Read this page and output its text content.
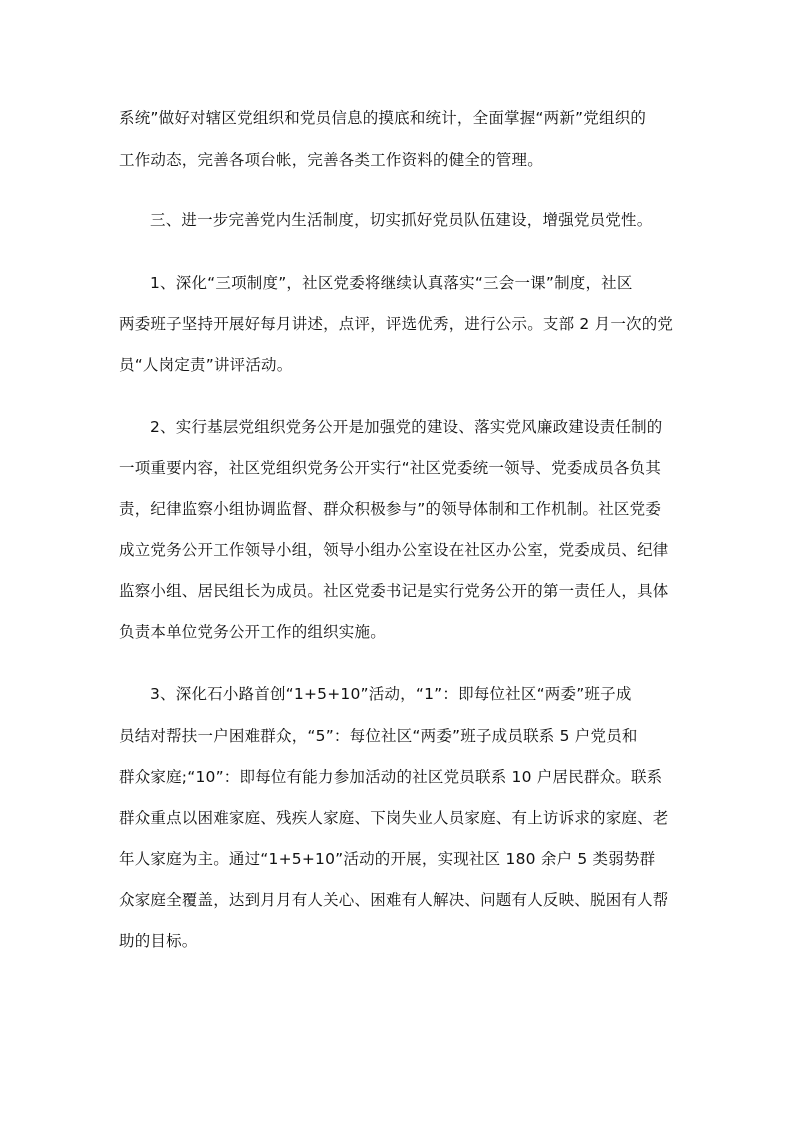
系统”做好对辖区党组织和党员信息的摸底和统计，全面掌握“两新”党组织的
工作动态，完善各项台帐，完善各类工作资料的健全的管理。
三、进一步完善党内生活制度，切实抓好党员队伍建设，增强党员党性。
1、深化“三项制度”，社区党委将继续认真落实“三会一课”制度，社区
两委班子坚持开展好每月讲述，点评，评选优秀，进行公示。支部 2 月一次的党
员“人岗定责”讲评活动。
2、实行基层党组织党务公开是加强党的建设、落实党风廉政建设责任制的
一项重要内容，社区党组织党务公开实行“社区党委统一领导、党委成员各负其
责，纪律监察小组协调监督、群众积极参与”的领导体制和工作机制。社区党委
成立党务公开工作领导小组，领导小组办公室设在社区办公室，党委成员、纪律
监察小组、居民组长为成员。社区党委书记是实行党务公开的第一责任人，具体
负责本单位党务公开工作的组织实施。
3、深化石小路首创“1+5+10”活动，“1”：即每位社区“两委”班子成
员结对帮扶一户困难群众，“5”：每位社区“两委”班子成员联系 5 户党员和
群众家庭;“10”：即每位有能力参加活动的社区党员联系 10 户居民群众。联系
群众重点以困难家庭、残疾人家庭、下岗失业人员家庭、有上访诉求的家庭、老
年人家庭为主。通过“1+5+10”活动的开展，实现社区 180 余户 5 类弱势群
众家庭全覆盖，达到月月有人关心、困难有人解决、问题有人反映、脱困有人帮
助的目标。
